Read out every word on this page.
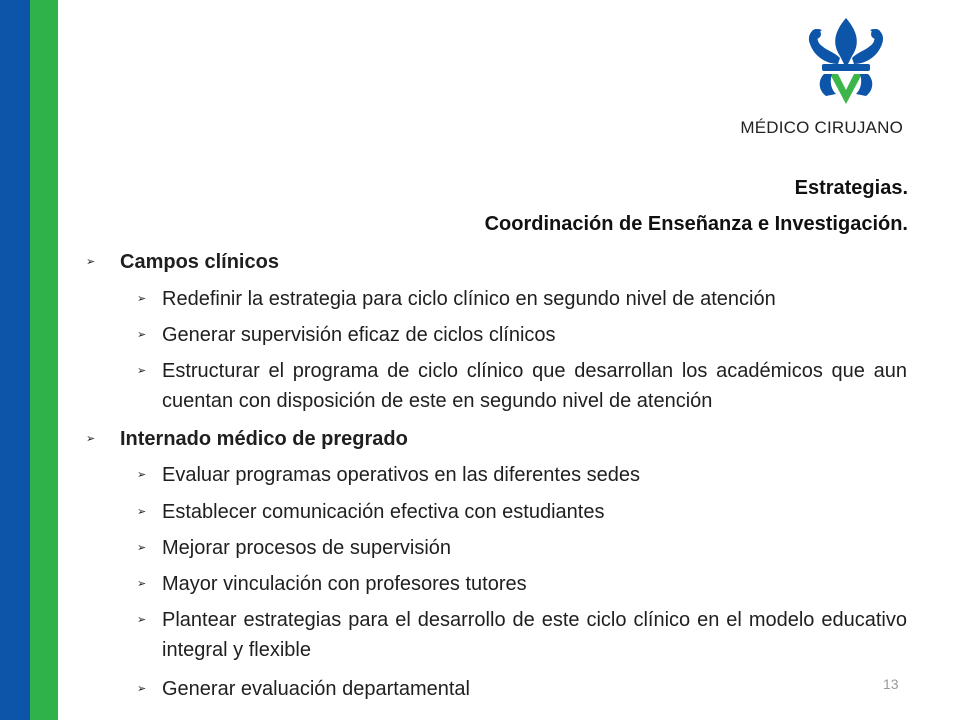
MÉDICO CIRUJANO
Estrategias.
Coordinación de Enseñanza e Investigación.
➢	Campos clínicos
➢ Redefinir la estrategia para ciclo clínico en segundo nivel de atención
➢ Generar supervisión eficaz de ciclos clínicos
➢ Estructurar el programa de ciclo clínico que desarrollan los académicos que aun cuentan con disposición de este en segundo nivel de atención
➢	Internado médico de pregrado
➢ Evaluar programas operativos en las diferentes sedes
➢ Establecer comunicación efectiva con estudiantes
➢ Mejorar procesos de supervisión
➢ Mayor vinculación con profesores tutores
➢ Plantear estrategias para el desarrollo de este ciclo clínico en el modelo educativo integral y flexible
➢ Generar evaluación departamental	13
